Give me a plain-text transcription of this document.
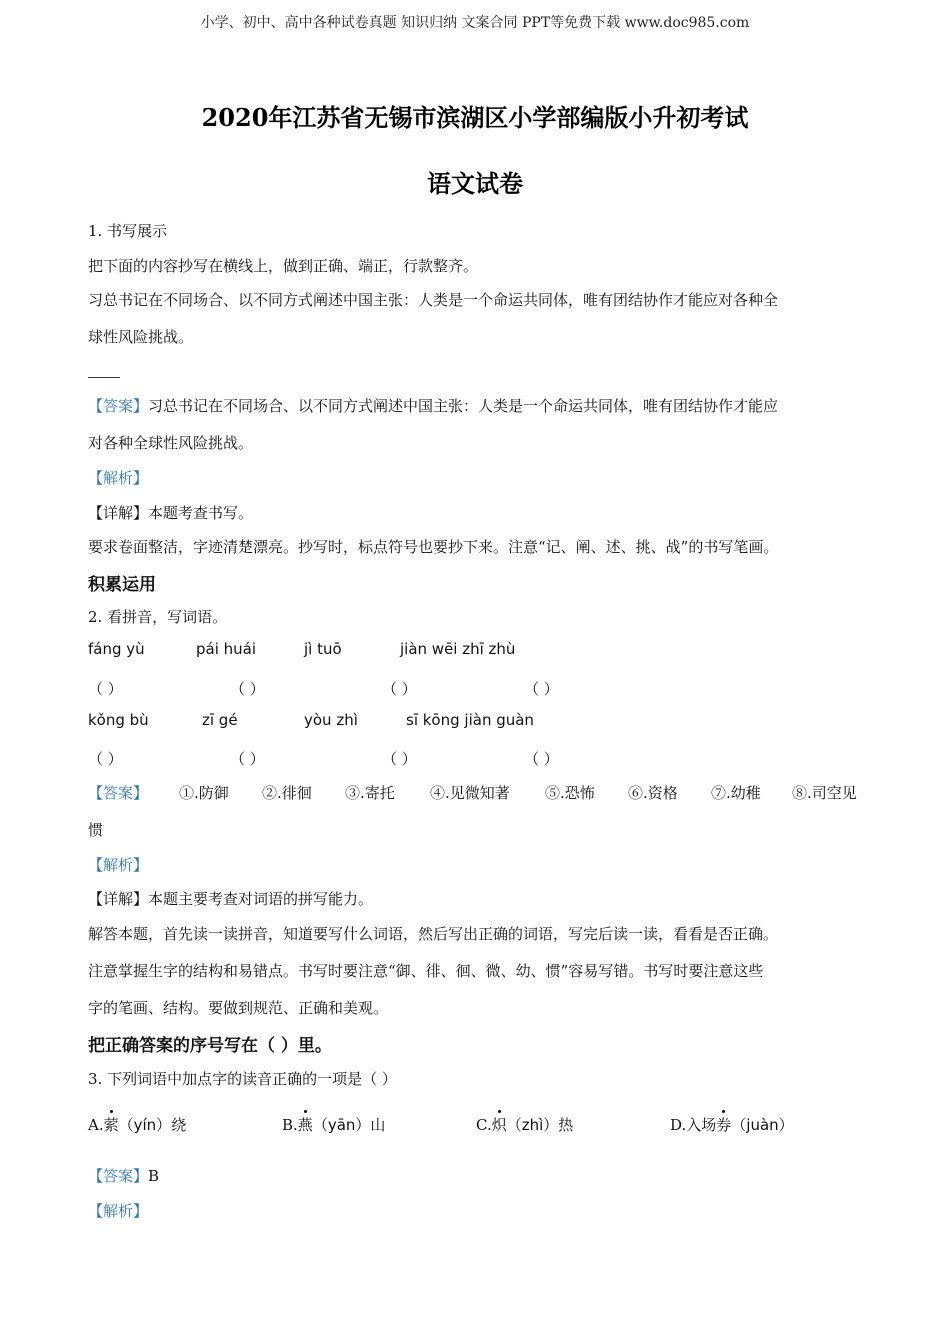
小学、初中、高中各种试卷真题 知识归纳 文案合同 PPT等免费下载 www.doc985.com
2020年江苏省无锡市滨湖区小学部编版小升初考试
语文试卷
1. 书写展示
把下面的内容抄写在横线上，做到正确、端正，行款整齐。
习总书记在不同场合、以不同方式阐述中国主张：人类是一个命运共同体，唯有团结协作才能应对各种全
球性风险挑战。
【答案】习总书记在不同场合、以不同方式阐述中国主张：人类是一个命运共同体，唯有团结协作才能应
对各种全球性风险挑战。
【解析】
【详解】本题考查书写。
要求卷面整洁，字迹清楚漂亮。抄写时，标点符号也要抄下来。注意“记、阐、述、挑、战”的书写笔画。
积累运用
2. 看拼音，写词语。
fáng yù	pái huái	jì tuō	jiàn wēi zhī zhù
（ ）	（ ）	（ ）	（ ）
kǒng bù	zī gé	yòu zhì	sī kōng jiàn guàn
（ ）	（ ）	（ ）	（ ）
【答案】 ①.防御 ②.徘徊 ③.寄托 ④.见微知著 ⑤.恐怖 ⑥.资格 ⑦.幼稚 ⑧.司空见
惯
【解析】
【详解】本题主要考查对词语的拼写能力。
解答本题，首先读一读拼音，知道要写什么词语，然后写出正确的词语，写完后读一读，看看是否正确。
注意掌握生字的结构和易错点。书写时要注意“御、徘、徊、微、幼、惯”容易写错。书写时要注意这些
字的笔画、结构。要做到规范、正确和美观。
把正确答案的序号写在（ ）里。
3. 下列词语中加点字的读音正确的一项是（ ）
A.萦（yín）绕	B.燕（yān）山	C.炽（zhì）热	D.入场券（juàn）
【答案】B
【解析】
